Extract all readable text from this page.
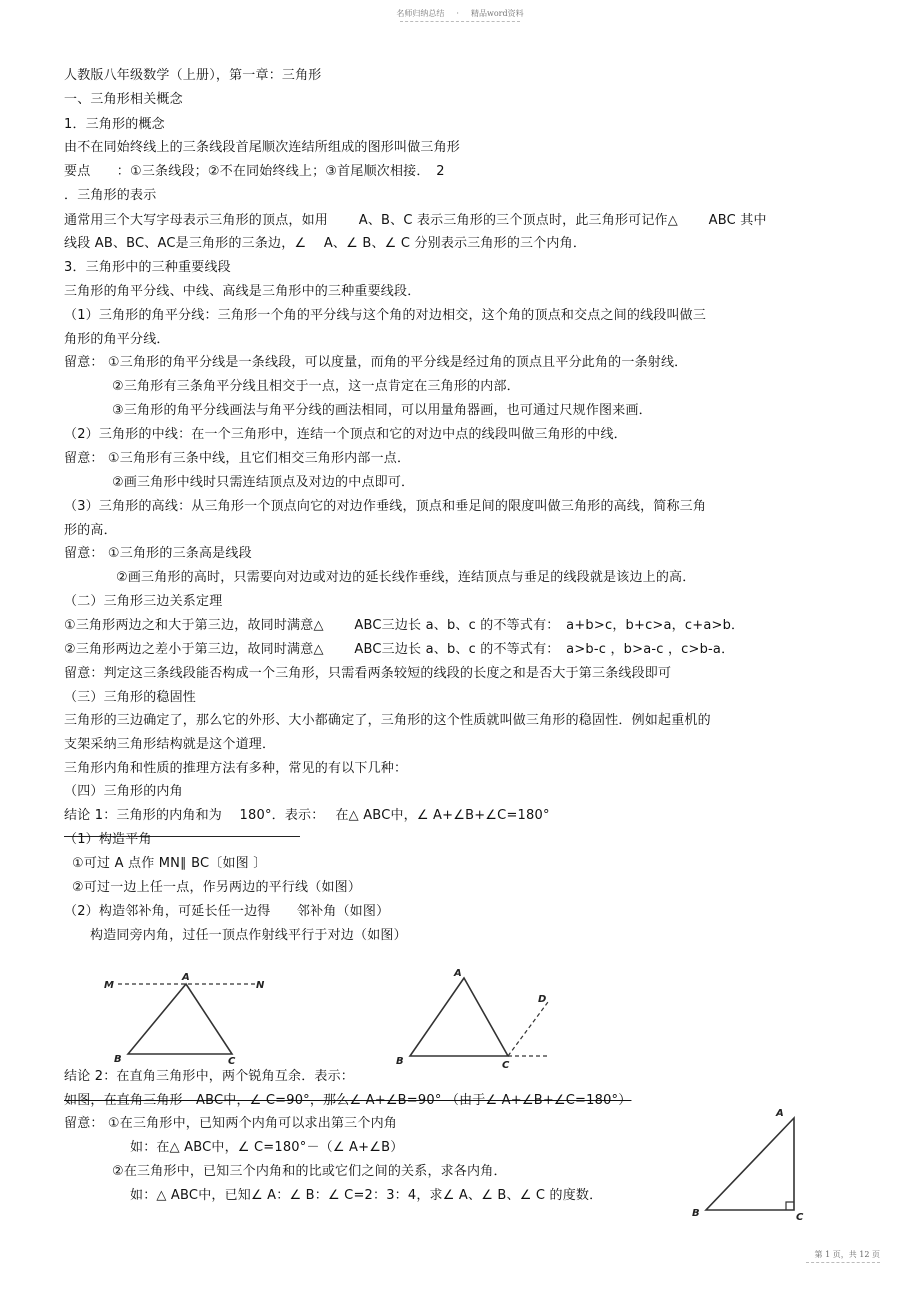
名师归纳总结 · 精品word资料
人教版八年级数学（上册），第一章：三角形
一、三角形相关概念
1．三角形的概念
由不在同始终线上的三条线段首尾顺次连结所组成的图形叫做三角形
要点　　：①三条线段；②不在同始终线上；③首尾顺次相接．　2
．三角形的表示
通常用三个大写字母表示三角形的顶点，如用　　 A、B、C 表示三角形的三个顶点时，此三角形可记作△　　 ABC 其中
线段 AB、BC、AC是三角形的三条边，∠　 A、∠ B、∠ C 分别表示三角形的三个内角．
3．三角形中的三种重要线段
三角形的角平分线、中线、高线是三角形中的三种重要线段．
（1）三角形的角平分线：三角形一个角的平分线与这个角的对边相交，这个角的顶点和交点之间的线段叫做三
角形的角平分线．
留意： ①三角形的角平分线是一条线段，可以度量，而角的平分线是经过角的顶点且平分此角的一条射线．
②三角形有三条角平分线且相交于一点，这一点肯定在三角形的内部．
③三角形的角平分线画法与角平分线的画法相同，可以用量角器画，也可通过尺规作图来画．
（2）三角形的中线：在一个三角形中，连结一个顶点和它的对边中点的线段叫做三角形的中线．
留意： ①三角形有三条中线，且它们相交三角形内部一点．
②画三角形中线时只需连结顶点及对边的中点即可．
（3）三角形的高线：从三角形一个顶点向它的对边作垂线，顶点和垂足间的限度叫做三角形的高线，简称三角
形的高．
留意： ①三角形的三条高是线段
②画三角形的高时，只需要向对边或对边的延长线作垂线，连结顶点与垂足的线段就是该边上的高．
（二）三角形三边关系定理
①三角形两边之和大于第三边，故同时满意△　　 ABC三边长 a、b、c 的不等式有：　a+b>c，b+c>a，c+a>b．
②三角形两边之差小于第三边，故同时满意△　　 ABC三边长 a、b、c 的不等式有：　a>b-c ，b>a-c ，c>b-a．
留意：判定这三条线段能否构成一个三角形，只需看两条较短的线段的长度之和是否大于第三条线段即可
（三）三角形的稳固性
三角形的三边确定了，那么它的外形、大小都确定了，三角形的这个性质就叫做三角形的稳固性．例如起重机的
支架采纳三角形结构就是这个道理．
三角形内角和性质的推理方法有多种，常见的有以下几种：
（四）三角形的内角
结论 1：三角形的内角和为　 180°．表示：　 在△ ABC中，∠ A+∠B+∠C=180°
（1）构造平角
①可过 A 点作 MN∥ BC〔如图 〕
②可过一边上任一点，作另两边的平行线（如图）
（2）构造邻补角，可延长任一边得　　邻补角（如图）
构造同旁内角，过任一顶点作射线平行于对边（如图）
M
A
N
B	C
A
D
B	C
结论 2：在直角三角形中，两个锐角互余．表示：
如图，在直角三角形　ABC中，∠ C=90°，那么∠ A+∠B=90° （由于∠ A+∠B+∠C=180°）
留意： ①在三角形中，已知两个内角可以求出第三个内角
如：在△ ABC中，∠ C=180°－（∠ A+∠B）
②在三角形中，已知三个内角和的比或它们之间的关系，求各内角．
如：△ ABC中，已知∠ A：∠ B：∠ C=2：3：4，求∠ A、∠ B、∠ C 的度数．
A
B	C
第 1 页，共 12 页
